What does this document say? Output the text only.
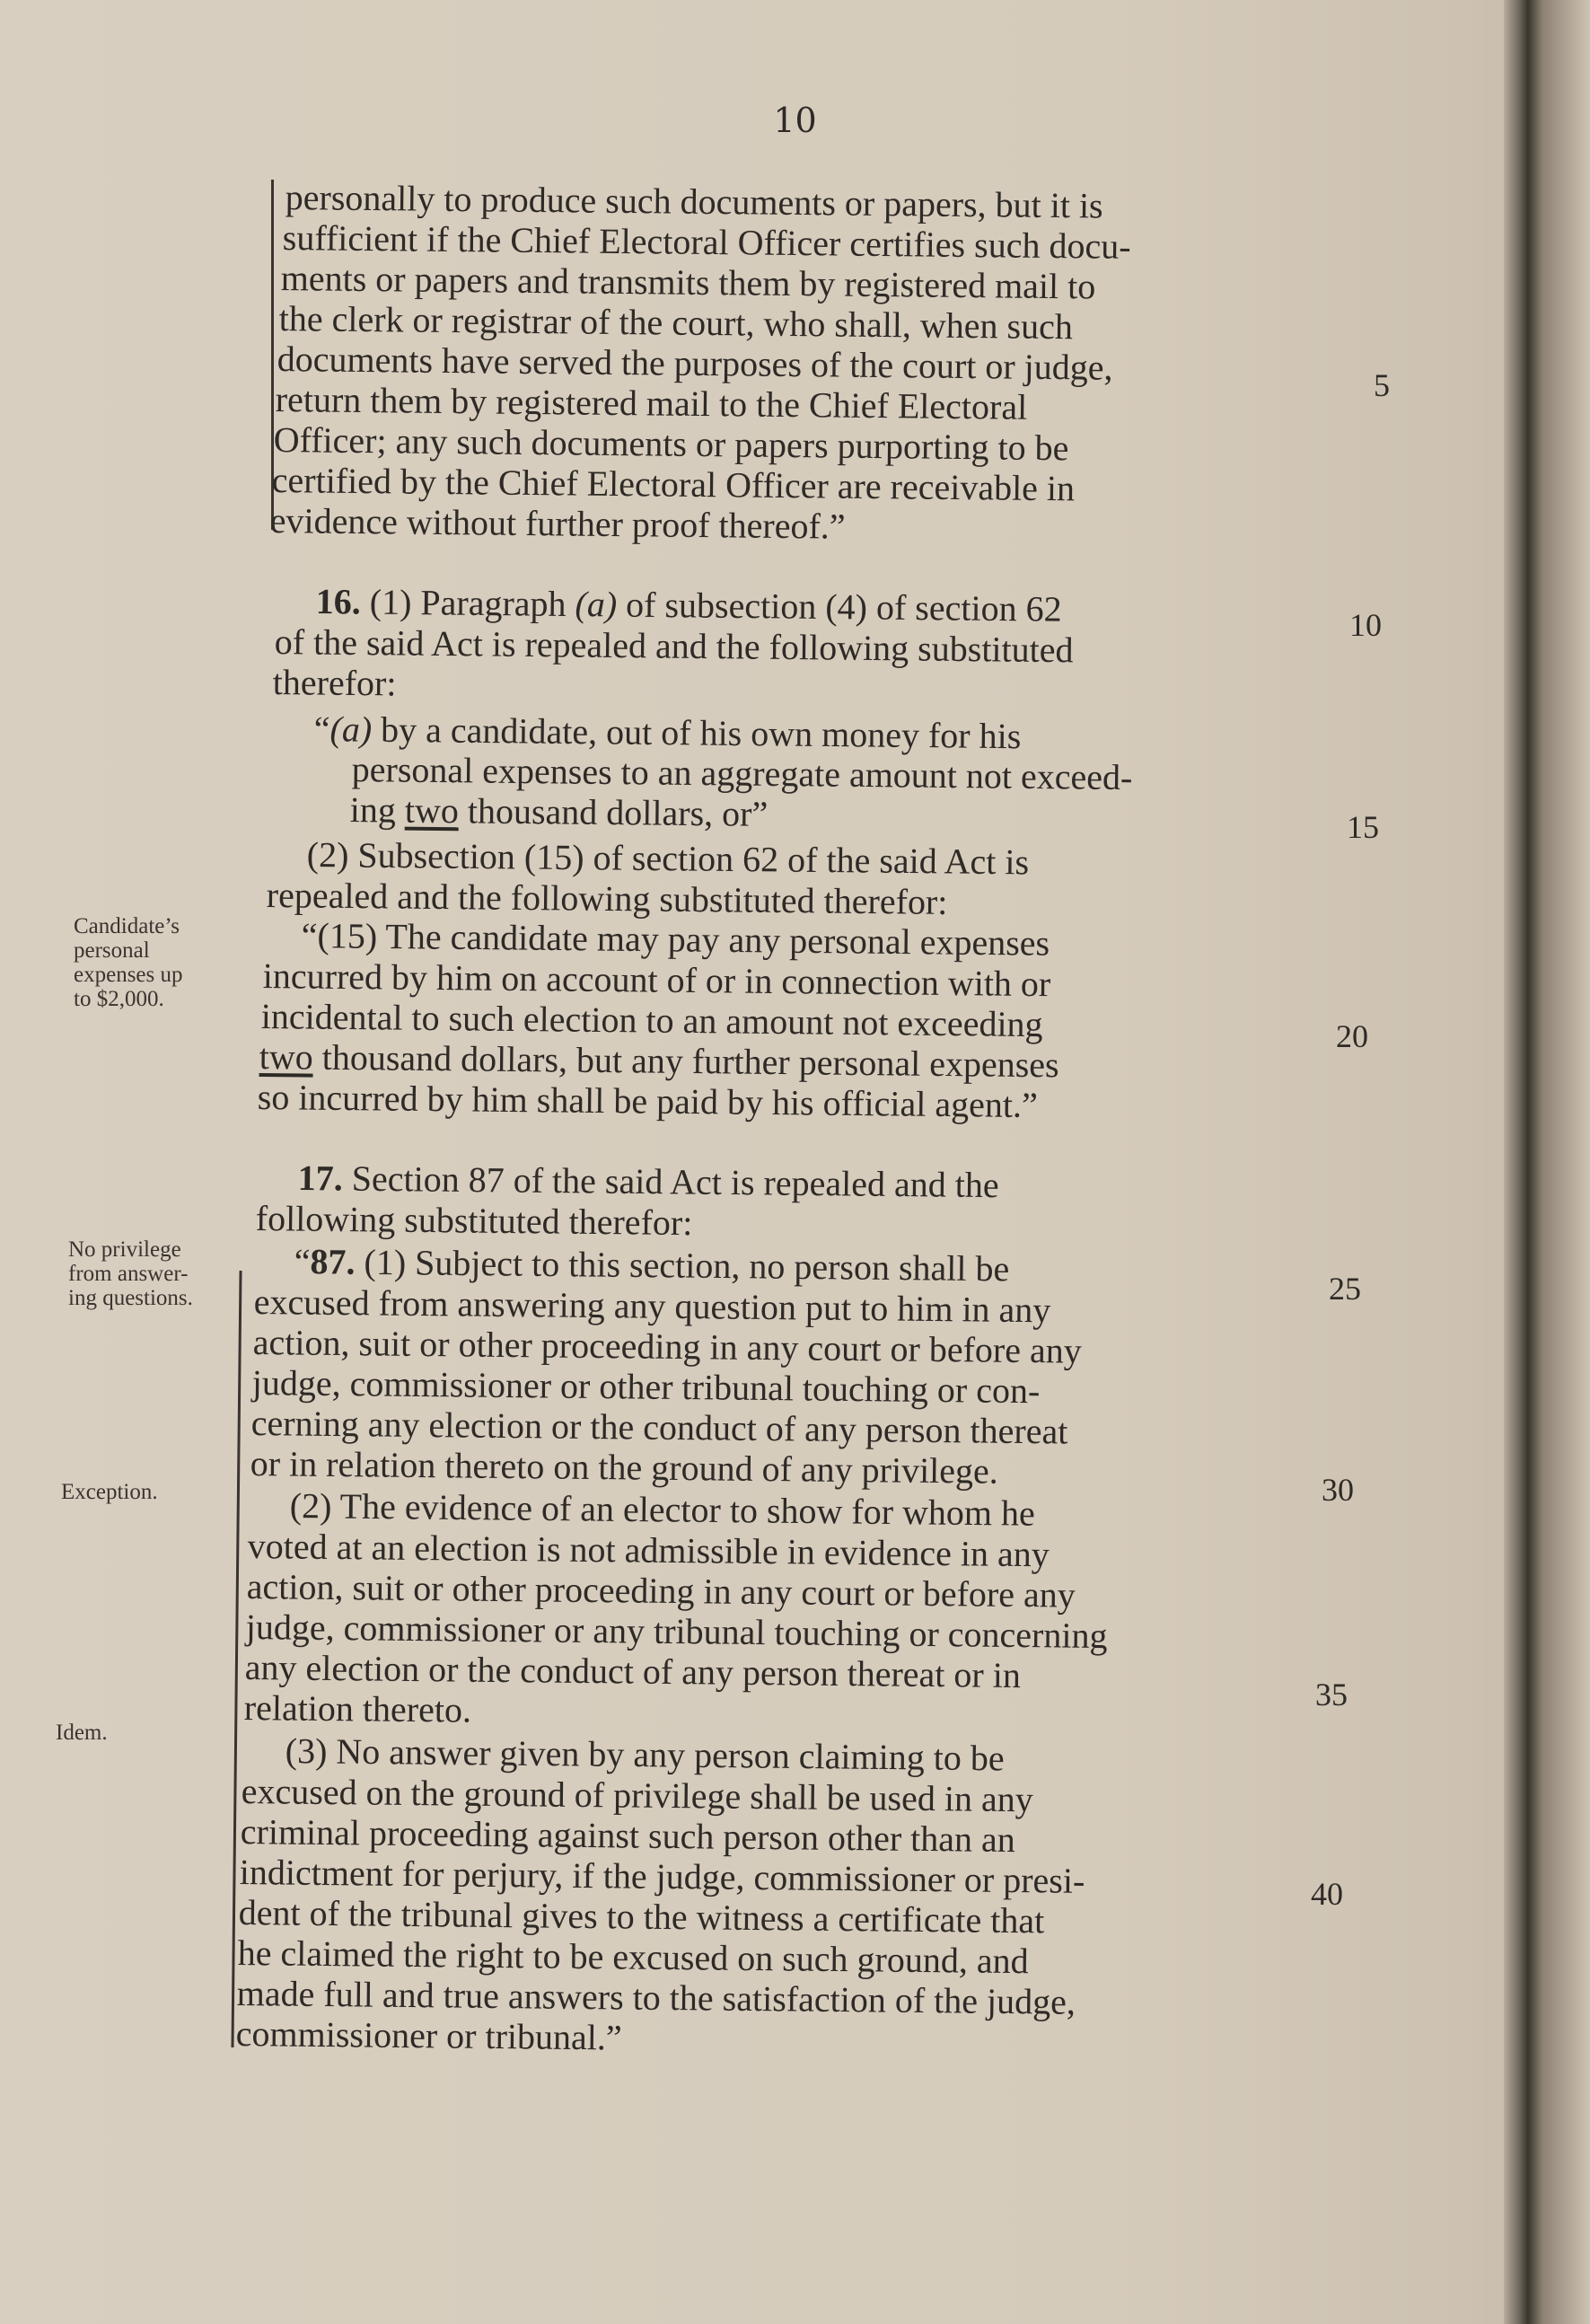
10
personally to produce such documents or papers, but it is
sufficient if the Chief Electoral Officer certifies such docu-
ments or papers and transmits them by registered mail to
the clerk or registrar of the court, who shall, when such
documents have served the purposes of the court or judge,
return them by registered mail to the Chief Electoral
Officer; any such documents or papers purporting to be
certified by the Chief Electoral Officer are receivable in
evidence without further proof thereof.”
16. (1) Paragraph (a) of subsection (4) of section 62
of the said Act is repealed and the following substituted
therefor:
“(a) by a candidate, out of his own money for his
personal expenses to an aggregate amount not exceed-
ing two thousand dollars, or”
(2) Subsection (15) of section 62 of the said Act is
repealed and the following substituted therefor:
“(15) The candidate may pay any personal expenses
incurred by him on account of or in connection with or
incidental to such election to an amount not exceeding
two thousand dollars, but any further personal expenses
so incurred by him shall be paid by his official agent.”
17. Section 87 of the said Act is repealed and the
following substituted therefor:
“87. (1) Subject to this section, no person shall be
excused from answering any question put to him in any
action, suit or other proceeding in any court or before any
judge, commissioner or other tribunal touching or con-
cerning any election or the conduct of any person thereat
or in relation thereto on the ground of any privilege.
(2) The evidence of an elector to show for whom he
voted at an election is not admissible in evidence in any
action, suit or other proceeding in any court or before any
judge, commissioner or any tribunal touching or concerning
any election or the conduct of any person thereat or in
relation thereto.
(3) No answer given by any person claiming to be
excused on the ground of privilege shall be used in any
criminal proceeding against such person other than an
indictment for perjury, if the judge, commissioner or presi-
dent of the tribunal gives to the witness a certificate that
he claimed the right to be excused on such ground, and
made full and true answers to the satisfaction of the judge,
commissioner or tribunal.”
Candidate’s
personal
expenses up
to $2,000.
No privilege
from answer-
ing questions.
Exception.
Idem.
5
10
15
20
25
30
35
40
